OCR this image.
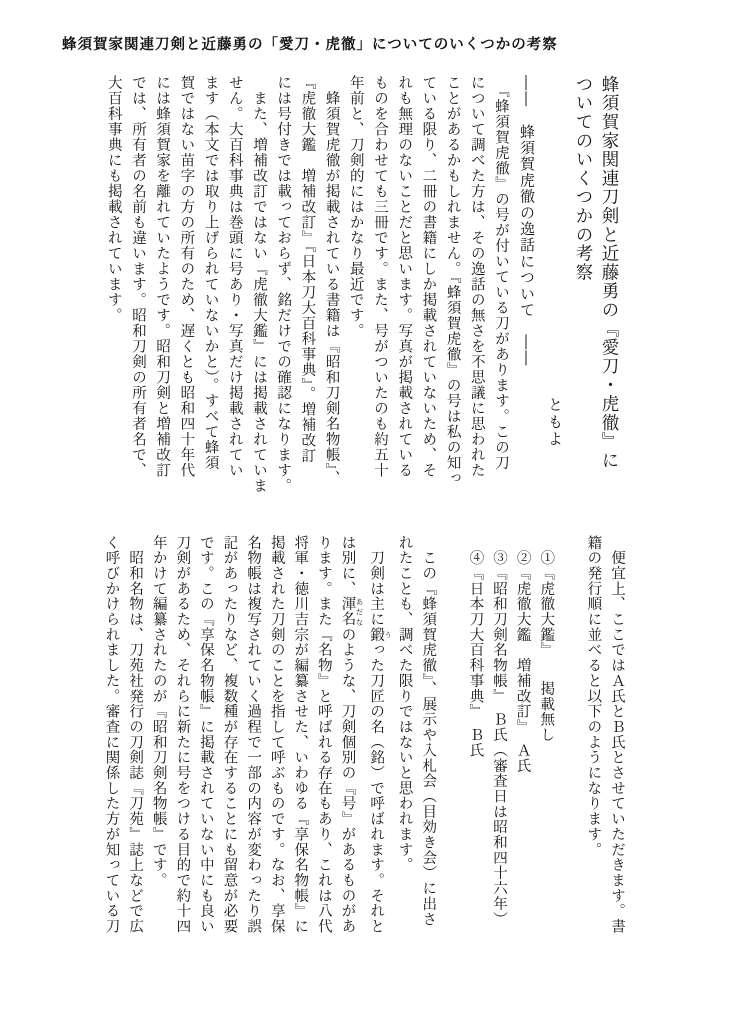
蜂須賀家関連刀剣と近藤勇の「愛刀・虎徹」についてのいくつかの考察
蜂須賀家関連刀剣と近藤勇の『愛刀・虎徹』に
ついてのいくつかの考察
ともよ
――　蜂須賀虎徹の逸話について　――
　『蜂須賀虎徹』の号が付いている刀があります。この刀
について調べた方は、その逸話の無さを不思議に思われた
ことがあるかもしれません。『蜂須賀虎徹』の号は私の知っ
ている限り、二冊の書籍にしか掲載されていないため、そ
れも無理のないことだと思います。写真が掲載されている
ものを合わせても三冊です。また、号がついたのも約五十
年前と、刀剣的にはかなり最近です。
　蜂須賀虎徹が掲載されている書籍は『昭和刀剣名物帳』、
『虎徹大鑑　増補改訂』『日本刀大百科事典』。増補改訂
には号付きでは載っておらず、銘だけでの確認になります。
　また、増補改訂ではない『虎徹大鑑』には掲載されていま
せん。大百科事典は巻頭に号あり・写真だけ掲載されてい
ます（本文では取り上げられていないかと）。すべて蜂須
賀ではない苗字の方の所有のため、遅くとも昭和四十年代
には蜂須賀家を離れていたようです。昭和刀剣と増補改訂
では、所有者の名前も違います。昭和刀剣の所有者名で、
大百科事典にも掲載されています。
　便宜上、ここではＡ氏とＢ氏とさせていただきます。書
籍の発行順に並べると以下のようになります。

　①『虎徹大鑑』　　掲載無し
　②『虎徹大鑑　増補改訂』　Ａ氏
　③『昭和刀剣名物帳』　Ｂ氏（審査日は昭和四十六年）
　④『日本刀大百科事典』　Ｂ氏

　この『蜂須賀虎徹』、展示や入札会（目効き会）に出さ
れたことも、調べた限りではないと思われます。
　刀剣は主に鍛 うった刀匠の名（銘）で呼ばれます。それと
は別に、渾名 あだなのような、刀剣個別の『号』があるものがあ
ります。また『名物』と呼ばれる存在もあり、これは八代
将軍・徳川吉宗が編纂させた、いわゆる『享保名物帳』に
掲載された刀剣のことを指して呼ぶものです。なお、享保
名物帳は複写されていく過程で一部の内容が変わったり誤
記があったりなど、複数種が存在することにも留意が必要
です。この『享保名物帳』に掲載されていない中にも良い
刀剣があるため、それらに新たに号をつける目的で約十四
年かけて編纂されたのが『昭和刀剣名物帳』です。
　昭和名物は、刀苑社発行の刀剣誌『刀苑』誌上などで広
く呼びかけられました。審査に関係した方が知っている刀
